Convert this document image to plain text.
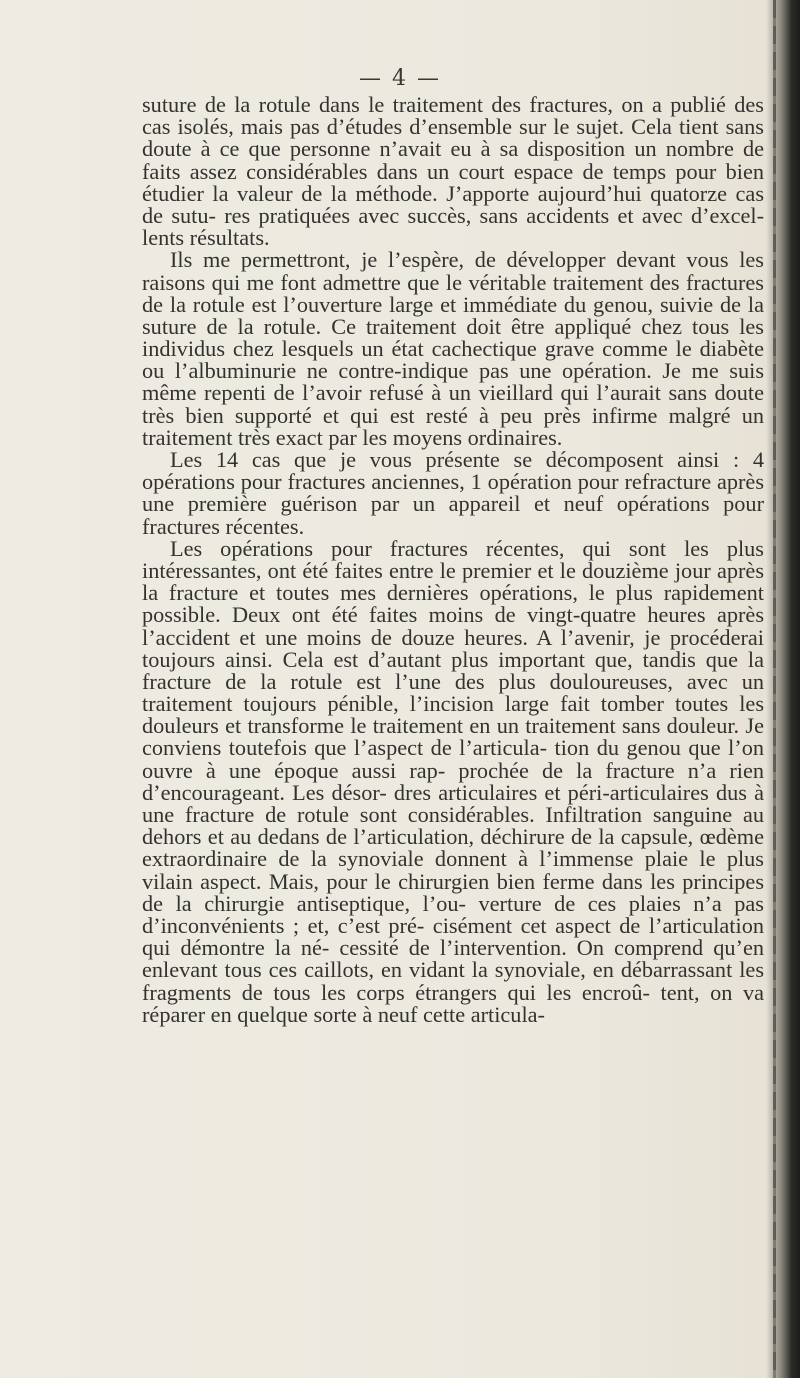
— 4 —

suture de la rotule dans le traitement des fractures, on a publié des cas isolés, mais pas d’études d’ensemble sur le sujet. Cela tient sans doute à ce que personne n’avait eu à sa disposition un nombre de faits assez considérables dans un court espace de temps pour bien étudier la valeur de la méthode. J’apporte aujourd’hui quatorze cas de sutu- res pratiquées avec succès, sans accidents et avec d’excel- lents résultats.

Ils me permettront, je l’espère, de développer devant vous les raisons qui me font admettre que le véritable traitement des fractures de la rotule est l’ouverture large et immédiate du genou, suivie de la suture de la rotule. Ce traitement doit être appliqué chez tous les individus chez lesquels un état cachectique grave comme le diabète ou l’albuminurie ne contre-indique pas une opération. Je me suis même repenti de l’avoir refusé à un vieillard qui l’aurait sans doute très bien supporté et qui est resté à peu près infirme malgré un traitement très exact par les moyens ordinaires.

Les 14 cas que je vous présente se décomposent ainsi : 4 opérations pour fractures anciennes, 1 opération pour refracture après une première guérison par un appareil et neuf opérations pour fractures récentes.

Les opérations pour fractures récentes, qui sont les plus intéressantes, ont été faites entre le premier et le douzième jour après la fracture et toutes mes dernières opérations, le plus rapidement possible. Deux ont été faites moins de vingt-quatre heures après l’accident et une moins de douze heures. A l’avenir, je procéderai toujours ainsi. Cela est d’autant plus important que, tandis que la fracture de la rotule est l’une des plus douloureuses, avec un traitement toujours pénible, l’incision large fait tomber toutes les douleurs et transforme le traitement en un traitement sans douleur. Je conviens toutefois que l’aspect de l’articula- tion du genou que l’on ouvre à une époque aussi rap- prochée de la fracture n’a rien d’encourageant. Les désor- dres articulaires et péri-articulaires dus à une fracture de rotule sont considérables. Infiltration sanguine au dehors et au dedans de l’articulation, déchirure de la capsule, œdème extraordinaire de la synoviale donnent à l’immense plaie le plus vilain aspect. Mais, pour le chirurgien bien ferme dans les principes de la chirurgie antiseptique, l’ou- verture de ces plaies n’a pas d’inconvénients ; et, c’est pré- cisément cet aspect de l’articulation qui démontre la né- cessité de l’intervention. On comprend qu’en enlevant tous ces caillots, en vidant la synoviale, en débarrassant les fragments de tous les corps étrangers qui les encroû- tent, on va réparer en quelque sorte à neuf cette articula-
